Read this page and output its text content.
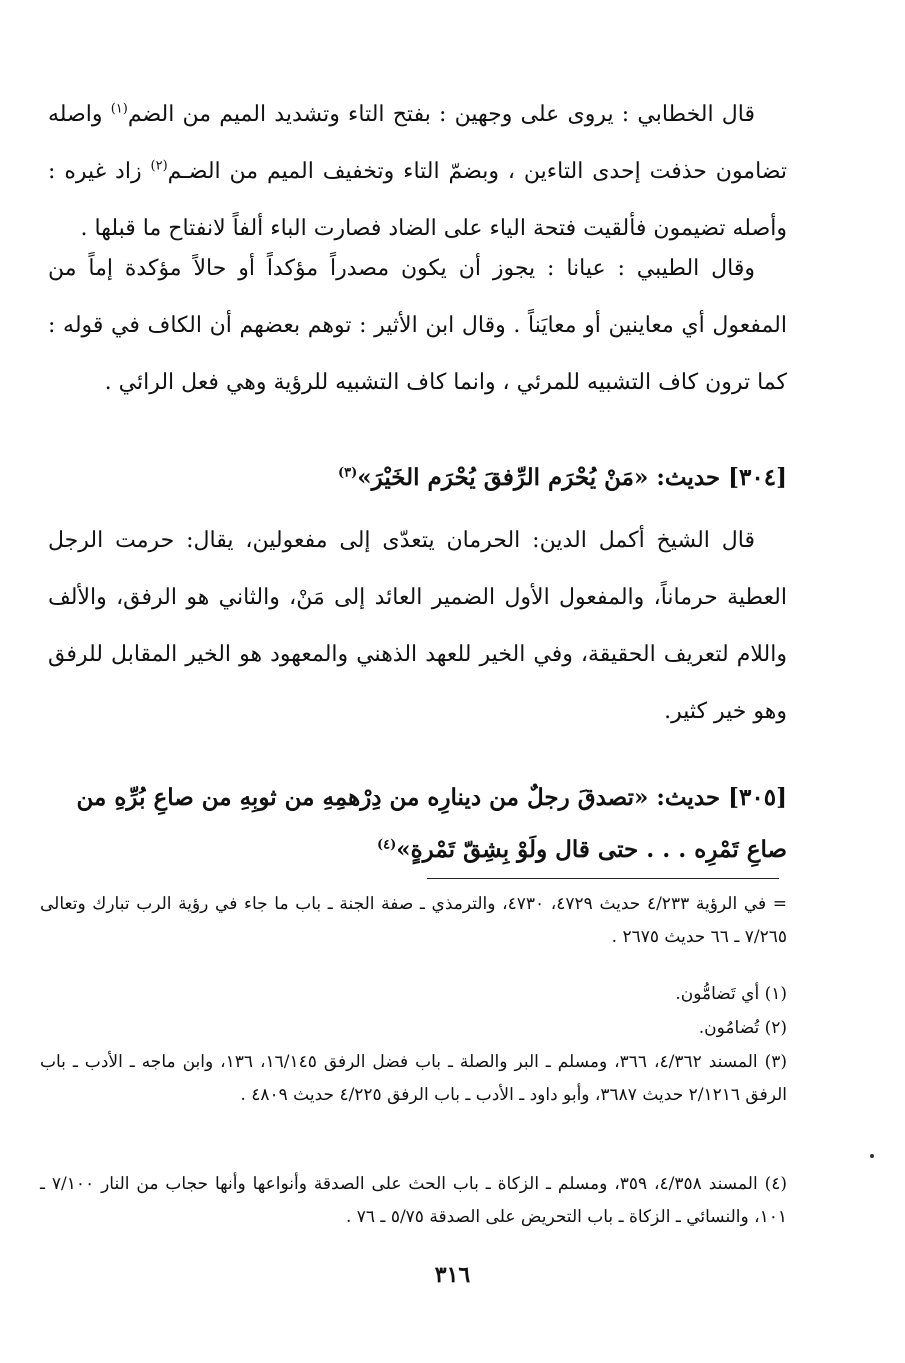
قال الخطابي : يروى على وجهين : بفتح التاء وتشديد الميم من الضم$^{(١)}$ واصله تضامون حذفت إحدى التاءين ، وبضمّ التاء وتخفيف الميم من الضـم$^{(٢)}$ زاد غيره : وأصله تضيمون فألقيت فتحة الياء على الضاد فصارت الباء ألفاً لانفتاح ما قبلها .

وقال الطيبي : عيانا : يجوز أن يكون مصدراً مؤكداً أو حالاً مؤكدة إماً من المفعول أي معاينين أو معايَناً . وقال ابن الأثير : توهم بعضهم أن الكاف في قوله : كما ترون كاف التشبيه للمرئي ، وانما كاف التشبيه للرؤية وهي فعل الرائي .

[٣٠٤] حديث: «مَنْ يُحْرَم الرِّفقَ يُحْرَم الخَيْرَ»$^{(٣)}$

قال الشيخ أكمل الدين: الحرمان يتعدّى إلى مفعولين، يقال: حرمت الرجل العطية حرماناً، والمفعول الأول الضمير العائد إلى مَنْ، والثاني هو الرفق، والألف واللام لتعريف الحقيقة، وفي الخير للعهد الذهني والمعهود هو الخير المقابل للرفق وهو خير كثير.

[٣٠٥] حديث: «تصدقَ رجلٌ من دينارِه من دِرْهمِهِ من ثوبِهِ من صاعِ بُرِّهِ من صاعِ تَمْرِه . . . حتى قال ولَوْ بِشِقّ تَمْرةٍ»$^{(٤)}$

= في الرؤية ٤/٢٣٣ حديث ٤٧٢٩، ٤٧٣٠، والترمذي ـ صفة الجنة ـ باب ما جاء في رؤية الرب تبارك وتعالى ٧/٢٦٥ ـ ٦٦ حديث ٢٦٧٥ .

(١) أي تَضامُّون.

(٢) تُضامُون.

(٣) المسند ٤/٣٦٢، ٣٦٦، ومسلم ـ البر والصلة ـ باب فضل الرفق ١٦/١٤٥، ١٣٦، وابن ماجه ـ الأدب ـ باب الرفق ٢/١٢١٦ حديث ٣٦٨٧، وأبو داود ـ الأدب ـ باب الرفق ٤/٢٢٥ حديث ٤٨٠٩ .

(٤) المسند ٤/٣٥٨، ٣٥٩، ومسلم ـ الزكاة ـ باب الحث على الصدقة وأنواعها وأنها حجاب من النار ٧/١٠٠ ـ ١٠١، والنسائي ـ الزكاة ـ باب التحريض على الصدقة ٥/٧٥ ـ ٧٦ .

٣١٦
